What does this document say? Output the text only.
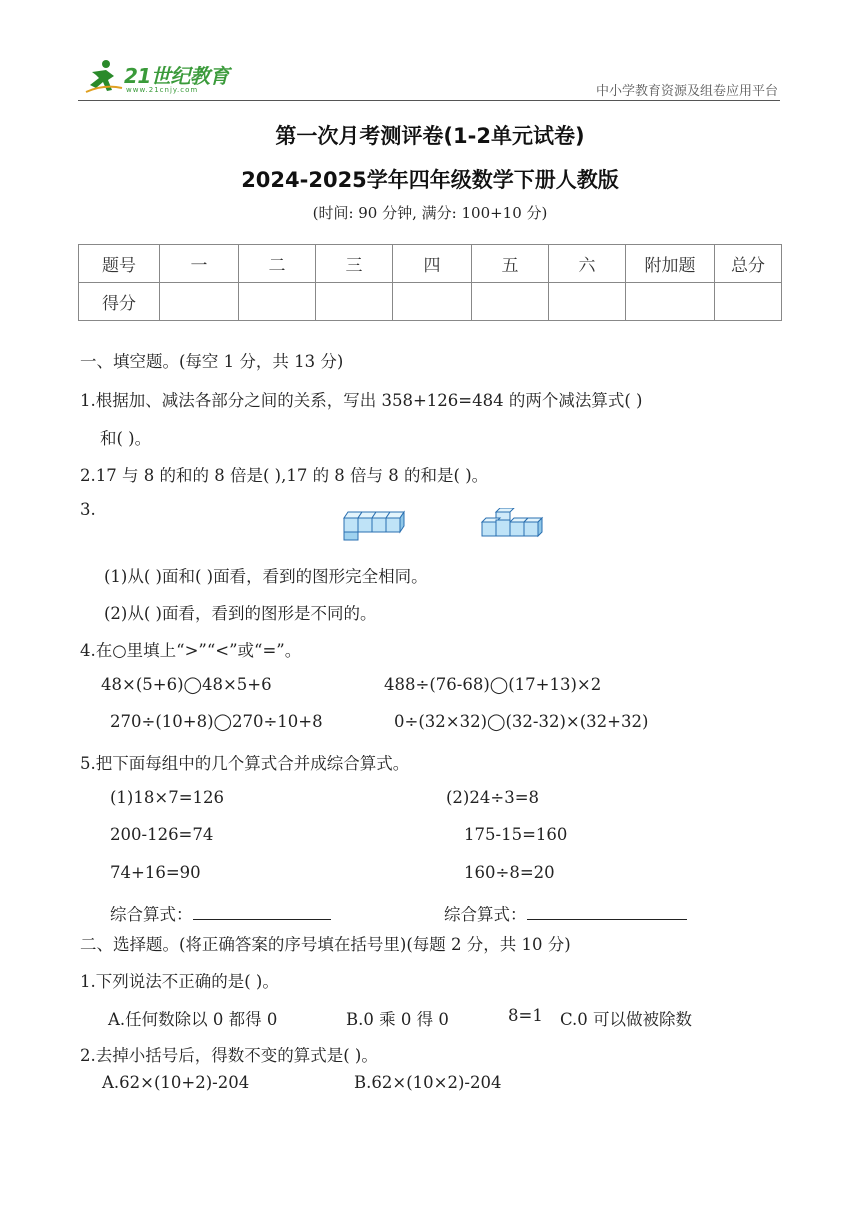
21世纪教育
www.21cnjy.com	中小学教育资源及组卷应用平台
第一次月考测评卷(1-2单元试卷)
2024-2025学年四年级数学下册人教版
(时间: 90 分钟, 满分: 100+10 分)
题号	一	二	三	四	五	六	附加题	总分
得分								
一、填空题。(每空 1 分，共 13 分)
1.根据加、减法各部分之间的关系，写出 358+126=484 的两个减法算式( )
和( )。
2.17 与 8 的和的 8 倍是( ),17 的 8 倍与 8 的和是( )。
3.
(1)从( )面和( )面看，看到的图形完全相同。
(2)从( )面看，看到的图形是不同的。
4.在○里填上“>”“<”或“=”。
48×(5+6)◯48×5+6	488÷(76-68)◯(17+13)×2
270÷(10+8)◯270÷10+8	0÷(32×32)◯(32-32)×(32+32)
5.把下面每组中的几个算式合并成综合算式。
(1)18×7=126
200-126=74
74+16=90
(2)24÷3=8
175-15=160
160÷8=20
综合算式：	综合算式：
二、选择题。(将正确答案的序号填在括号里)(每题 2 分，共 10 分)
1.下列说法不正确的是( )。
A.任何数除以 0 都得 0	B.0 乘 0 得 0	8=1 C.0 可以做被除数
2.去掉小括号后，得数不变的算式是( )。
A.62×(10+2)-204	B.62×(10×2)-204
